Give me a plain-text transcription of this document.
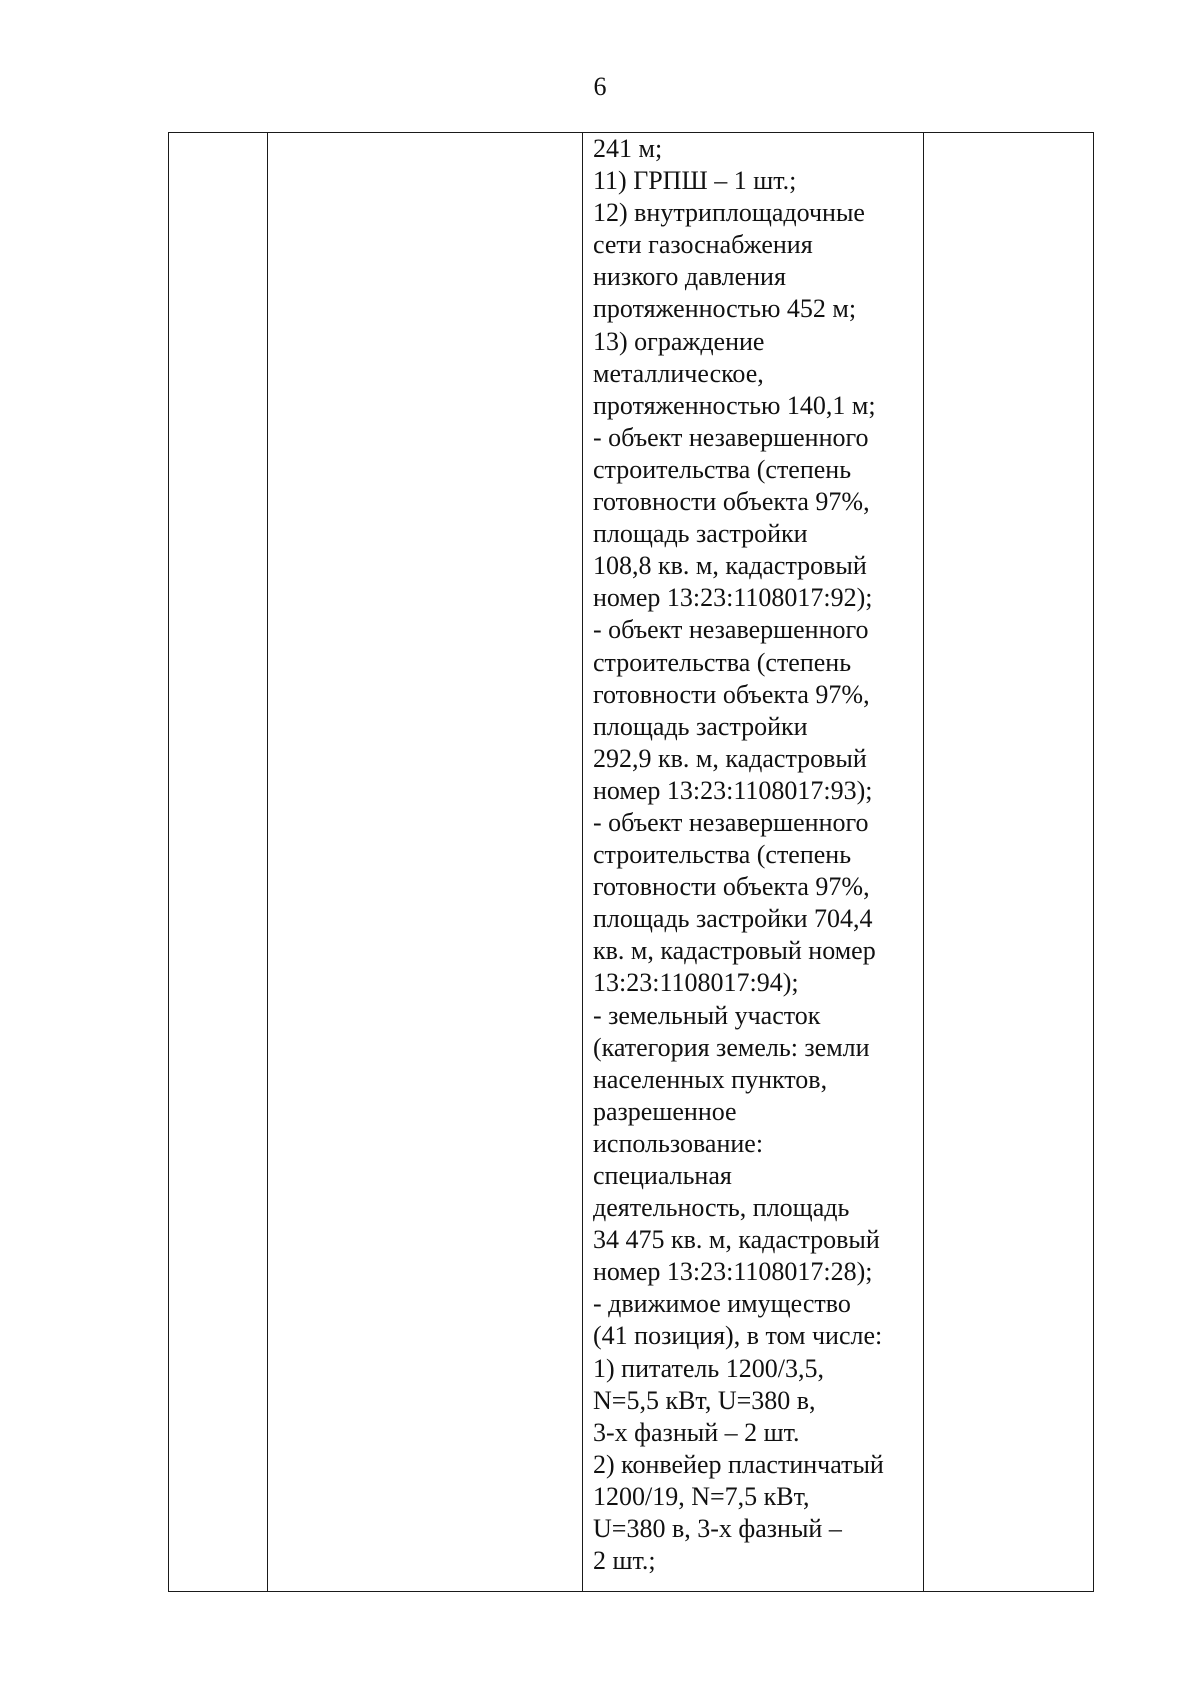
6

241 м;
11) ГРПШ – 1 шт.;
12) внутриплощадочные
сети газоснабжения
низкого давления
протяженностью 452 м;
13) ограждение
металлическое,
протяженностью 140,1 м;
- объект незавершенного
строительства (степень
готовности объекта 97%,
площадь застройки
108,8 кв. м, кадастровый
номер 13:23:1108017:92);
- объект незавершенного
строительства (степень
готовности объекта 97%,
площадь застройки
292,9 кв. м, кадастровый
номер 13:23:1108017:93);
- объект незавершенного
строительства (степень
готовности объекта 97%,
площадь застройки 704,4
кв. м, кадастровый номер
13:23:1108017:94);
- земельный участок
(категория земель: земли
населенных пунктов,
разрешенное
использование:
специальная
деятельность, площадь
34 475 кв. м, кадастровый
номер 13:23:1108017:28);
- движимое имущество
(41 позиция), в том числе:
1) питатель 1200/3,5,
N=5,5 кВт, U=380 в,
3-х фазный – 2 шт.
2) конвейер пластинчатый
1200/19, N=7,5 кВт,
U=380 в, 3-х фазный –
2 шт.;
